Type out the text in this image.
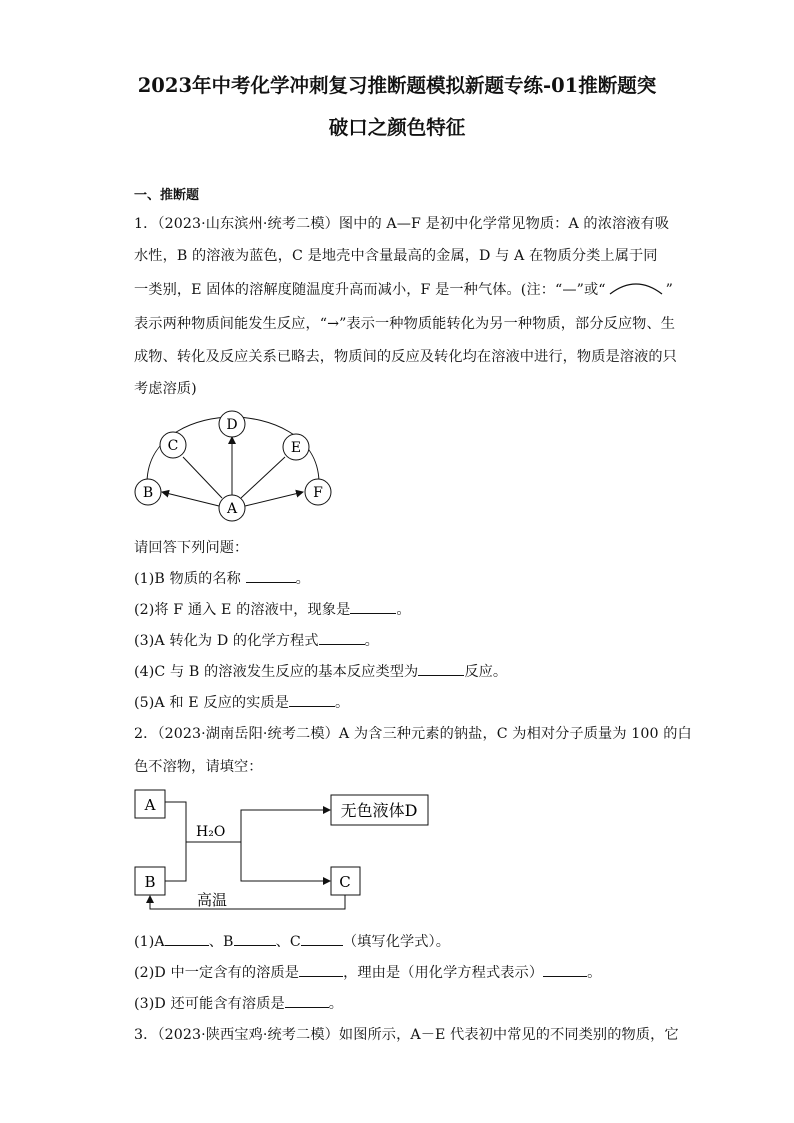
2023年中考化学冲刺复习推断题模拟新题专练-01推断题突
破口之颜色特征
一、推断题
1．（2023·山东滨州·统考二模）图中的 A—F 是初中化学常见物质：A 的浓溶液有吸
水性，B 的溶液为蓝色，C 是地壳中含量最高的金属，D 与 A 在物质分类上属于同
一类别，E 固体的溶解度随温度升高而减小，F 是一种气体。(注：“—”或“	”
表示两种物质间能发生反应，“→”表示一种物质能转化为另一种物质，部分反应物、生
成物、转化及反应关系已略去，物质间的反应及转化均在溶液中进行，物质是溶液的只
考虑溶质)
A
B
C
D
E
F
请回答下列问题：
(1)B 物质的名称	。
(2)将 F 通入 E 的溶液中，现象是	。
(3)A 转化为 D 的化学方程式	。
(4)C 与 B 的溶液发生反应的基本反应类型为	反应。
(5)A 和 E 反应的实质是	。
2．（2023·湖南岳阳·统考二模）A 为含三种元素的钠盐，C 为相对分子质量为 100 的白
色不溶物，请填空：
A
B
无色液体D
C
H₂O
高温
(1)A	、B	、C	（填写化学式）。
(2)D 中一定含有的溶质是	，理由是（用化学方程式表示）	。
(3)D 还可能含有溶质是	。
3．（2023·陕西宝鸡·统考二模）如图所示，A－E 代表初中常见的不同类别的物质，它
